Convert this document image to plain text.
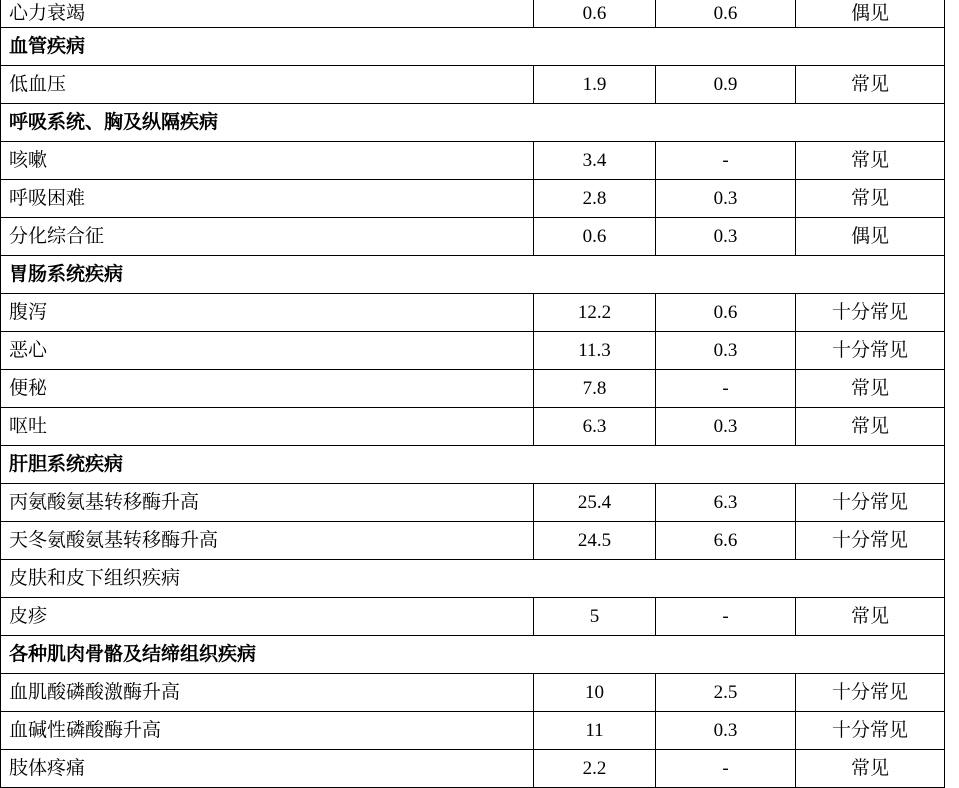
心力衰竭	0.6	0.6	偶见
血管疾病			
低血压	1.9	0.9	常见
呼吸系统、胸及纵隔疾病			
咳嗽	3.4	-	常见
呼吸困难	2.8	0.3	常见
分化综合征	0.6	0.3	偶见
胃肠系统疾病			
腹泻	12.2	0.6	十分常见
恶心	11.3	0.3	十分常见
便秘	7.8	-	常见
呕吐	6.3	0.3	常见
肝胆系统疾病			
丙氨酸氨基转移酶升高	25.4	6.3	十分常见
天冬氨酸氨基转移酶升高	24.5	6.6	十分常见
皮肤和皮下组织疾病			
皮疹	5	-	常见
各种肌肉骨骼及结缔组织疾病			
血肌酸磷酸激酶升高	10	2.5	十分常见
血碱性磷酸酶升高	11	0.3	十分常见
肢体疼痛	2.2	-	常见
